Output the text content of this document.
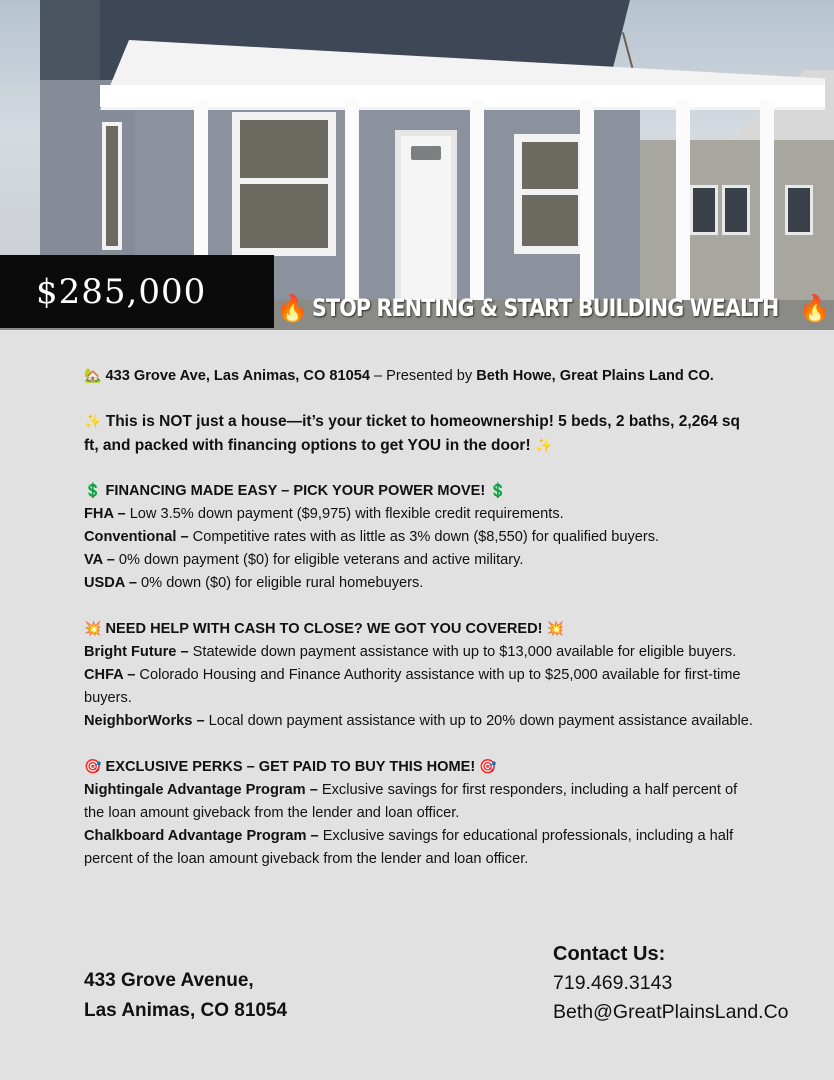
$285,000	🔥 STOP RENTING & START BUILDING WEALTH 🔥

🏡 433 Grove Ave, Las Animas, CO 81054 – Presented by Beth Howe, Great Plains Land CO.

✨ This is NOT just a house—it’s your ticket to homeownership! 5 beds, 2 baths, 2,264 sq ft, and packed with financing options to get YOU in the door! ✨

💲 FINANCING MADE EASY – PICK YOUR POWER MOVE! 💲

FHA – Low 3.5% down payment ($9,975) with flexible credit requirements.

Conventional – Competitive rates with as little as 3% down ($8,550) for qualified buyers.

VA – 0% down payment ($0) for eligible veterans and active military.

USDA – 0% down ($0) for eligible rural homebuyers.

💥 NEED HELP WITH CASH TO CLOSE? WE GOT YOU COVERED! 💥

Bright Future – Statewide down payment assistance with up to $13,000 available for eligible buyers.

CHFA – Colorado Housing and Finance Authority assistance with up to $25,000 available for first-time buyers.

NeighborWorks – Local down payment assistance with up to 20% down payment assistance available.

🎯 EXCLUSIVE PERKS – GET PAID TO BUY THIS HOME! 🎯

Nightingale Advantage Program – Exclusive savings for first responders, including a half percent of the loan amount giveback from the lender and loan officer.

Chalkboard Advantage Program – Exclusive savings for educational professionals, including a half percent of the loan amount giveback from the lender and loan officer.

433 Grove Avenue,
Las Animas, CO 81054
Contact Us:
719.469.3143
Beth@GreatPlainsLand.Co
